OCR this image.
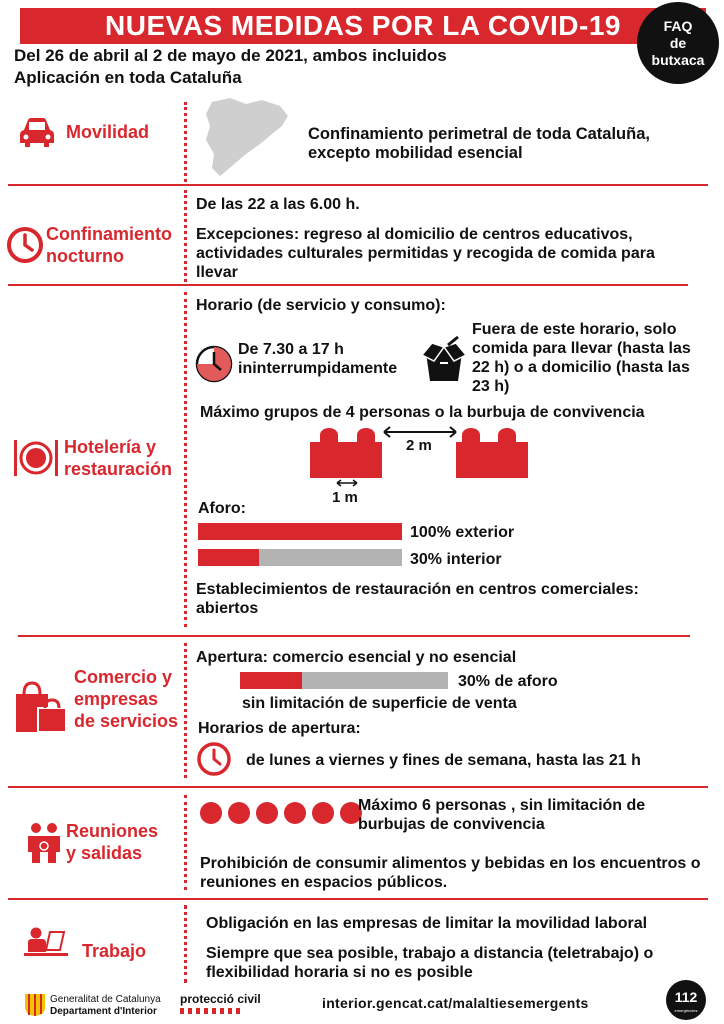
NUEVAS MEDIDAS POR LA COVID-19	FAQ
de
butxaca
Del 26 de abril al 2 de mayo de 2021, ambos incluidos
Aplicación en toda Cataluña
Movilidad	Confinamiento perimetral de toda Cataluña, excepto mobilidad esencial
Confinamiento
nocturno
De las 22 a las 6.00 h.
Excepciones: regreso al domicilio de centros educativos, actividades culturales permitidas y recogida de comida para llevar
Hotelería y
restauración
Horario (de servicio y consumo):
De 7.30 a 17 h
ininterrumpidamente
Fuera de este horario, solo comida para llevar (hasta las 22 h) o a domicilio (hasta las 23 h)
Máximo grupos de 4 personas o la burbuja de convivencia
2 m
1 m
Aforo:
100% exterior
30% interior
Establecimientos de restauración en centros comerciales: abiertos
Comercio y
empresas
de servicios
Apertura: comercio esencial y no esencial
30% de aforo
sin limitación de superficie de venta
Horarios de apertura:
de lunes a viernes y fines de semana, hasta las 21 h
Reuniones
y salidas
Máximo 6 personas , sin limitación de burbujas de convivencia
Prohibición de consumir alimentos y bebidas en los encuentros o reuniones en espacios públicos.
Trabajo
Obligación en las empresas de limitar la movilidad laboral
Siempre que sea posible, trabajo a distancia (teletrabajo) o flexibilidad horaria si no es posible
Generalitat de Catalunya
Departament d'Interior
protecció civil	interior.gencat.cat/malaltiesemergents	112
emergències
